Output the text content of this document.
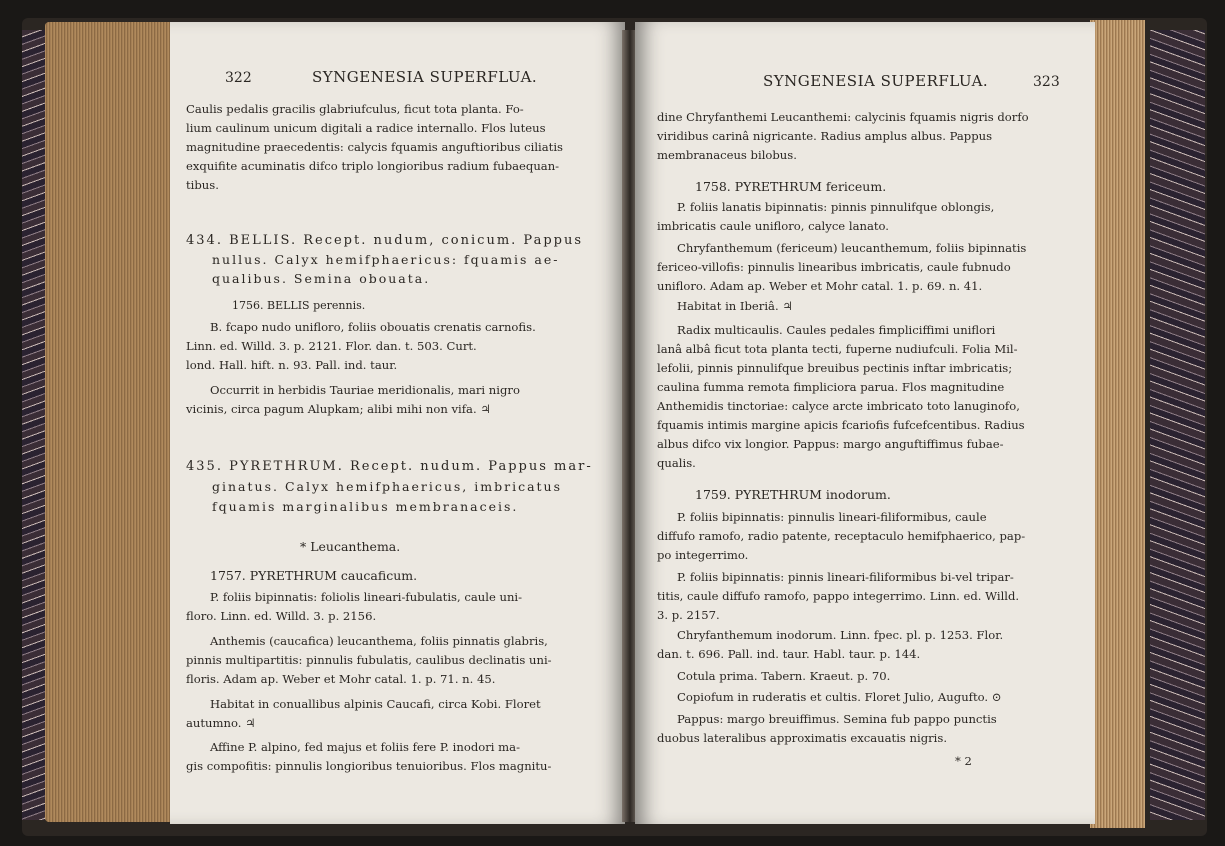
322	SYNGENESIA SUPERFLUA.
Caulis pedalis gracilis glabriufculus, ficut tota planta. Fo-
lium caulinum unicum digitali a radice internallo. Flos luteus
magnitudine praecedentis: calycis fquamis anguftioribus ciliatis
exquifite acuminatis difco triplo longioribus radium fubaequan-
tibus.
434. BELLIS. Recept. nudum, conicum. Pappus
nullus. Calyx hemifphaericus: fquamis ae-
qualibus. Semina obouata.
1756. BELLIS perennis.
B. fcapo nudo unifloro, foliis obouatis crenatis carnofis.
Linn. ed. Willd. 3. p. 2121. Flor. dan. t. 503. Curt.
lond. Hall. hift. n. 93. Pall. ind. taur.
Occurrit in herbidis Tauriae meridionalis, mari nigro
vicinis, circa pagum Alupkam; alibi mihi non vifa. ♃
435. PYRETHRUM. Recept. nudum. Pappus mar-
ginatus. Calyx hemifphaericus, imbricatus
fquamis marginalibus membranaceis.
* Leucanthema.
1757. PYRETHRUM caucaficum.
P. foliis bipinnatis: foliolis lineari-fubulatis, caule uni-
floro. Linn. ed. Willd. 3. p. 2156.
Anthemis (caucafica) leucanthema, foliis pinnatis glabris,
pinnis multipartitis: pinnulis fubulatis, caulibus declinatis uni-
floris. Adam ap. Weber et Mohr catal. 1. p. 71. n. 45.
Habitat in conuallibus alpinis Caucafi, circa Kobi. Floret
autumno. ♃
Affine P. alpino, fed majus et foliis fere P. inodori ma-
gis compofitis: pinnulis longioribus tenuioribus. Flos magnitu-
SYNGENESIA SUPERFLUA.	323
dine Chryfanthemi Leucanthemi: calycinis fquamis nigris dorfo
viridibus carinâ nigricante. Radius amplus albus. Pappus
membranaceus bilobus.
1758. PYRETHRUM fericeum.
P. foliis lanatis bipinnatis: pinnis pinnulifque oblongis,
imbricatis caule unifloro, calyce lanato.
Chryfanthemum (fericeum) leucanthemum, foliis bipinnatis
fericeo-villofis: pinnulis linearibus imbricatis, caule fubnudo
unifloro. Adam ap. Weber et Mohr catal. 1. p. 69. n. 41.
Habitat in Iberiâ. ♃
Radix multicaulis. Caules pedales fimpliciffimi uniflori
lanâ albâ ficut tota planta tecti, fuperne nudiufculi. Folia Mil-
lefolii, pinnis pinnulifque breuibus pectinis inftar imbricatis;
caulina fumma remota fimpliciora parua. Flos magnitudine
Anthemidis tinctoriae: calyce arcte imbricato toto lanuginofo,
fquamis intimis margine apicis fcariofis fufcefcentibus. Radius
albus difco vix longior. Pappus: margo anguftiffimus fubae-
qualis.
1759. PYRETHRUM inodorum.
P. foliis bipinnatis: pinnulis lineari-filiformibus, caule
diffufo ramofo, radio patente, receptaculo hemifphaerico, pap-
po integerrimo.
P. foliis bipinnatis: pinnis lineari-filiformibus bi-vel tripar-
titis, caule diffufo ramofo, pappo integerrimo. Linn. ed. Willd.
3. p. 2157.
Chryfanthemum inodorum. Linn. fpec. pl. p. 1253. Flor.
dan. t. 696. Pall. ind. taur. Habl. taur. p. 144.
Cotula prima. Tabern. Kraeut. p. 70.
Copiofum in ruderatis et cultis. Floret Julio, Augufto. ⊙
Pappus: margo breuiffimus. Semina fub pappo punctis
duobus lateralibus approximatis excauatis nigris.
* 2
